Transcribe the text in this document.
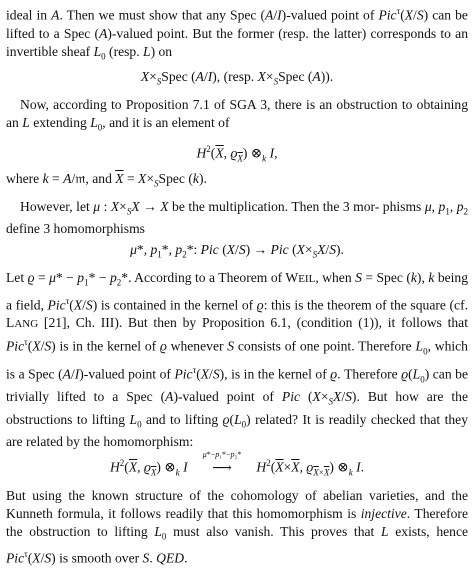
ideal in A. Then we must show that any Spec (A/I)-valued point of Pic$^\tau$(X/S) can be lifted to a Spec (A)-valued point. But the former (resp. the latter) corresponds to an invertible sheaf $L_0$ (resp. L) on

$X\times_SSpec$ (A/I), (resp. $X\times_SSpec$ (A)).

Now, according to Proposition 7.1 of SGA 3, there is an obstruction to obtaining an L extending $L_0$, and it is an element of

$H^2(\overline{X}$, $ϱ_{\overline{X}}$) $\otimes_k$ I,

where k = A/𝔪, and $\overline{X}$ = $X\times_SSpec$ (k).

However, let μ : $X\times_SX \to X$ be the multiplication. Then the 3 mor- phisms μ, $p_1$, $p_2$ define 3 homomorphisms

μ*, $p_1*$, $p_2*$: Pic (X/S) → Pic $(X\times_SX/S)$.

Let $ϱ = \mu* - p_1* - p_2*$. According to a Theorem of WEIL, when S = Spec (k), k being a field, Pic$^\tau$(X/S) is contained in the kernel of ϱ: this is the theorem of the square (cf. LANG [21], Ch. III). But then by Proposition 6.1, (condition (1)), it follows that Pic$^\tau$(X/S) is in the kernel of ϱ whenever S consists of one point. Therefore $L_0$, which is a Spec (A/I)-valued point of Pic$^\tau$(X/S), is in the kernel of ϱ. Therefore $ϱ(L_0)$ can be trivially lifted to a Spec (A)-valued point of Pic $(X\times_SX/S)$. But how are the obstructions to lifting $L_0$ and to lifting $ϱ(L_0)$ related? It is readily checked that they are related by the homomorphism:

$H^2(\overline{X}$, $ϱ_{\overline{X}}$) $\otimes_k$ I
μ*−p₁*−p₂*
⟶ $H^2(\overline{X}\times\overline{X}$, $ϱ_{\overline{X}\times\overline{X}}$) $\otimes_k$ I.

But using the known structure of the cohomology of abelian varieties, and the Kunneth formula, it follows readily that this homomorphism is injective. Therefore the obstruction to lifting $L_0$ must also vanish. This proves that L exists, hence Pic$^\tau$(X/S) is smooth over S. QED.
